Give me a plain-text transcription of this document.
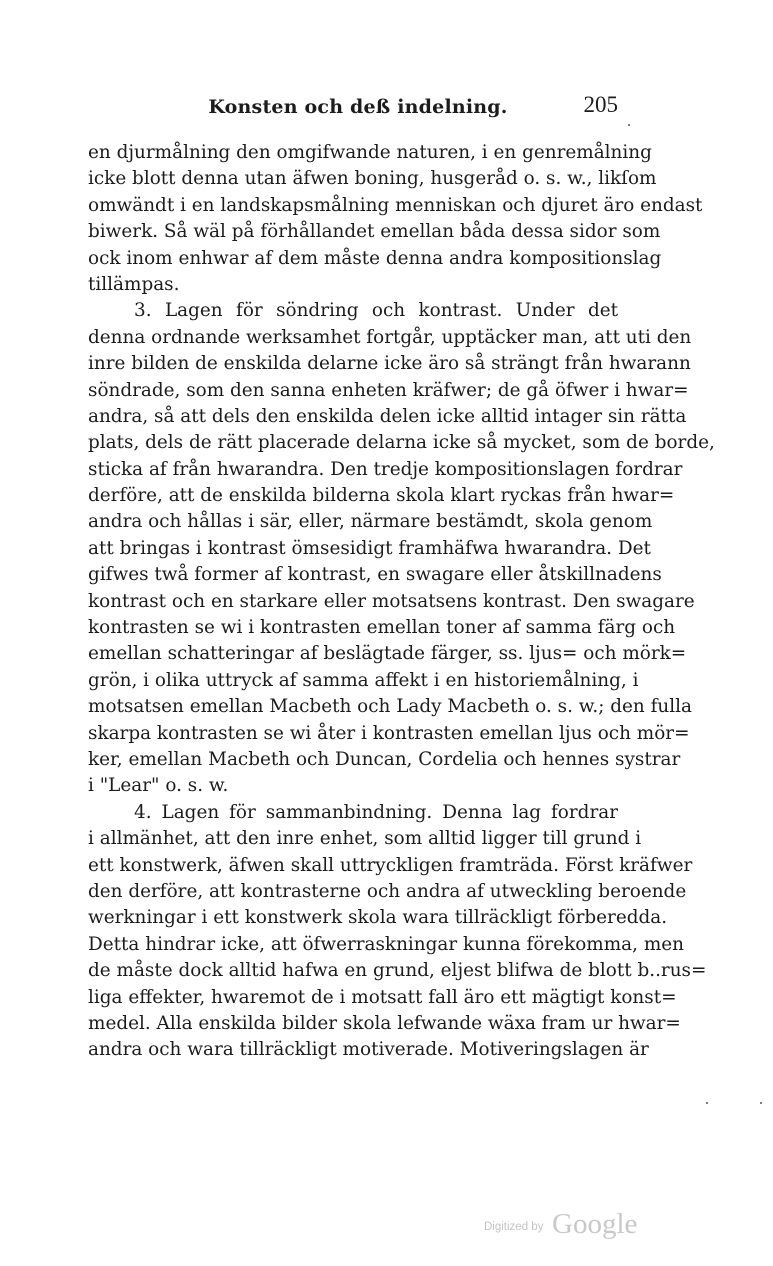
Konsten och deß indelning.	205
en djurmålning den omgifwande naturen, i en genremålning
icke blott denna utan äfwen boning, husgeråd o. s. w., likſom
omwändt i en landskapsmålning menniskan och djuret äro endast
biwerk. Så wäl på förhållandet emellan båda dessa sidor som
ock inom enhwar af dem måste denna andra kompositionslag
tillämpas.
3. Lagen för söndring och kontrast. Under det
denna ordnande werksamhet fortgår, upptäcker man, att uti den
inre bilden de enskilda delarne icke äro så strängt från hwarann
söndrade, som den sanna enheten kräfwer; de gå öfwer i hwar=
andra, så att dels den enskilda delen icke alltid intager sin rätta
plats, dels de rätt placerade delarna icke så mycket, som de borde,
sticka af från hwarandra. Den tredje kompositionslagen fordrar
derföre, att de enskilda bilderna skola klart ryckas från hwar=
andra och hållas i sär, eller, närmare bestämdt, skola genom
att bringas i kontrast ömsesidigt framhäfwa hwarandra. Det
gifwes twå former af kontrast, en swagare eller åtskillnadens
kontrast och en starkare eller motsatsens kontrast. Den swagare
kontrasten se wi i kontrasten emellan toner af samma färg och
emellan schatteringar af beslägtade färger, ss. ljus= och mörk=
grön, i olika uttryck af samma affekt i en historiemålning, i
motsatsen emellan Macbeth och Lady Macbeth o. s. w.; den fulla
skarpa kontrasten se wi åter i kontrasten emellan ljus och mör=
ker, emellan Macbeth och Duncan, Cordelia och hennes systrar
i "Lear" o. s. w.
4. Lagen för sammanbindning. Denna lag fordrar
i allmänhet, att den inre enhet, som alltid ligger till grund i
ett konstwerk, äfwen skall uttryckligen framträda. Först kräfwer
den derföre, att kontrasterne och andra af utweckling beroende
werkningar i ett konstwerk skola wara tillräckligt förberedda.
Detta hindrar icke, att öfwerraskningar kunna förekomma, men
de måste dock alltid hafwa en grund, eljest blifwa de blott b..rus=
liga effekter, hwaremot de i motsatt fall äro ett mägtigt konst=
medel. Alla enskilda bilder skola lefwande wäxa fram ur hwar=
andra och wara tillräckligt motiverade. Motiveringslagen är
Digitized by Google
